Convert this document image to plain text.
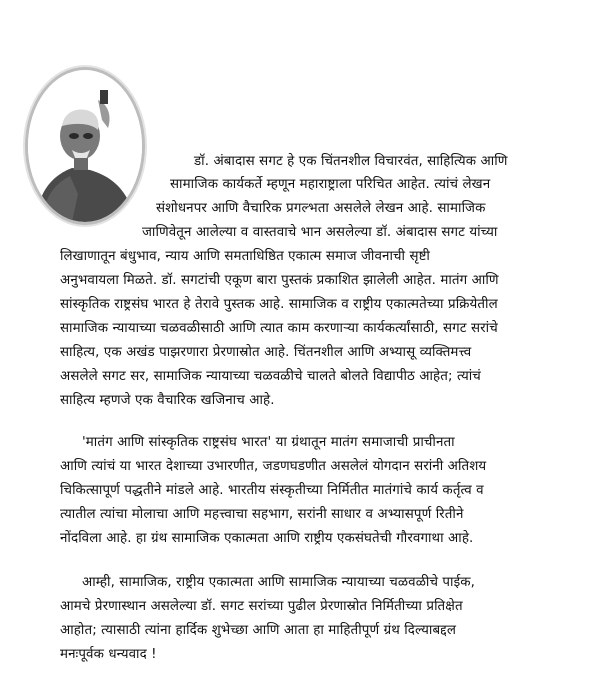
डॉ. अंबादास सगट हे एक चिंतनशील विचारवंत, साहित्यिक आणि
सामाजिक कार्यकर्ते म्हणून महाराष्ट्राला परिचित आहेत. त्यांचं लेखन
संशोधनपर आणि वैचारिक प्रगल्भता असलेले लेखन आहे. सामाजिक
जाणिवेतून आलेल्या व वास्तवाचे भान असलेल्या डॉ. अंबादास सगट यांच्या
लिखाणातून बंधुभाव, न्याय आणि समताधिष्ठित एकात्म समाज जीवनाची सृष्टी
अनुभवायला मिळते. डॉ. सगटांची एकूण बारा पुस्तकं प्रकाशित झालेली आहेत. मातंग आणि
सांस्कृतिक राष्ट्रसंघ भारत हे तेरावे पुस्तक आहे. सामाजिक व राष्ट्रीय एकात्मतेच्या प्रक्रियेतील
सामाजिक न्यायाच्या चळवळीसाठी आणि त्यात काम करणाऱ्या कार्यकर्त्यांसाठी, सगट सरांचे
साहित्य, एक अखंड पाझरणारा प्रेरणास्रोत आहे. चिंतनशील आणि अभ्यासू व्यक्तिमत्त्व
असलेले सगट सर, सामाजिक न्यायाच्या चळवळीचे चालते बोलते विद्यापीठ आहेत; त्यांचं
साहित्य म्हणजे एक वैचारिक खजिनाच आहे.
'मातंग आणि सांस्कृतिक राष्ट्रसंघ भारत' या ग्रंथातून मातंग समाजाची प्राचीनता
आणि त्यांचं या भारत देशाच्या उभारणीत, जडणघडणीत असलेलं योगदान सरांनी अतिशय
चिकित्सापूर्ण पद्धतीने मांडले आहे. भारतीय संस्कृतीच्या निर्मितीत मातंगांचे कार्य कर्तृत्व व
त्यातील त्यांचा मोलाचा आणि महत्त्वाचा सहभाग, सरांनी साधार व अभ्यासपूर्ण रितीने
नोंदविला आहे. हा ग्रंथ सामाजिक एकात्मता आणि राष्ट्रीय एकसंघतेची गौरवगाथा आहे.
आम्ही, सामाजिक, राष्ट्रीय एकात्मता आणि सामाजिक न्यायाच्या चळवळीचे पाईक,
आमचे प्रेरणास्थान असलेल्या डॉ. सगट सरांच्या पुढील प्रेरणास्रोत निर्मितीच्या प्रतिक्षेत
आहोत; त्यासाठी त्यांना हार्दिक शुभेच्छा आणि आता हा माहितीपूर्ण ग्रंथ दिल्याबद्दल
मनःपूर्वक धन्यवाद !
